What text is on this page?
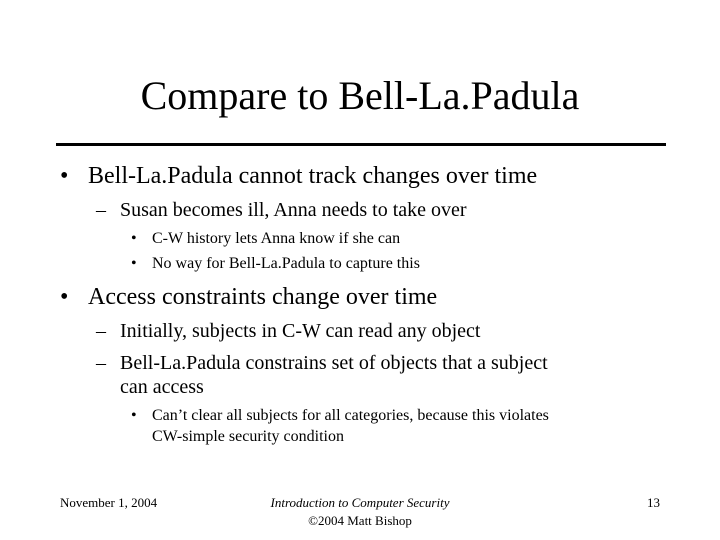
Compare to Bell-La.Padula
• Bell-La.Padula cannot track changes over time
– Susan becomes ill, Anna needs to take over
• C-W history lets Anna know if she can
• No way for Bell-La.Padula to capture this
• Access constraints change over time
– Initially, subjects in C-W can read any object
– Bell-La.Padula constrains set of objects that a subject
can access
• Can’t clear all subjects for all categories, because this violates
CW-simple security condition
November 1, 2004	Introduction to Computer Security
©2004 Matt Bishop
13
